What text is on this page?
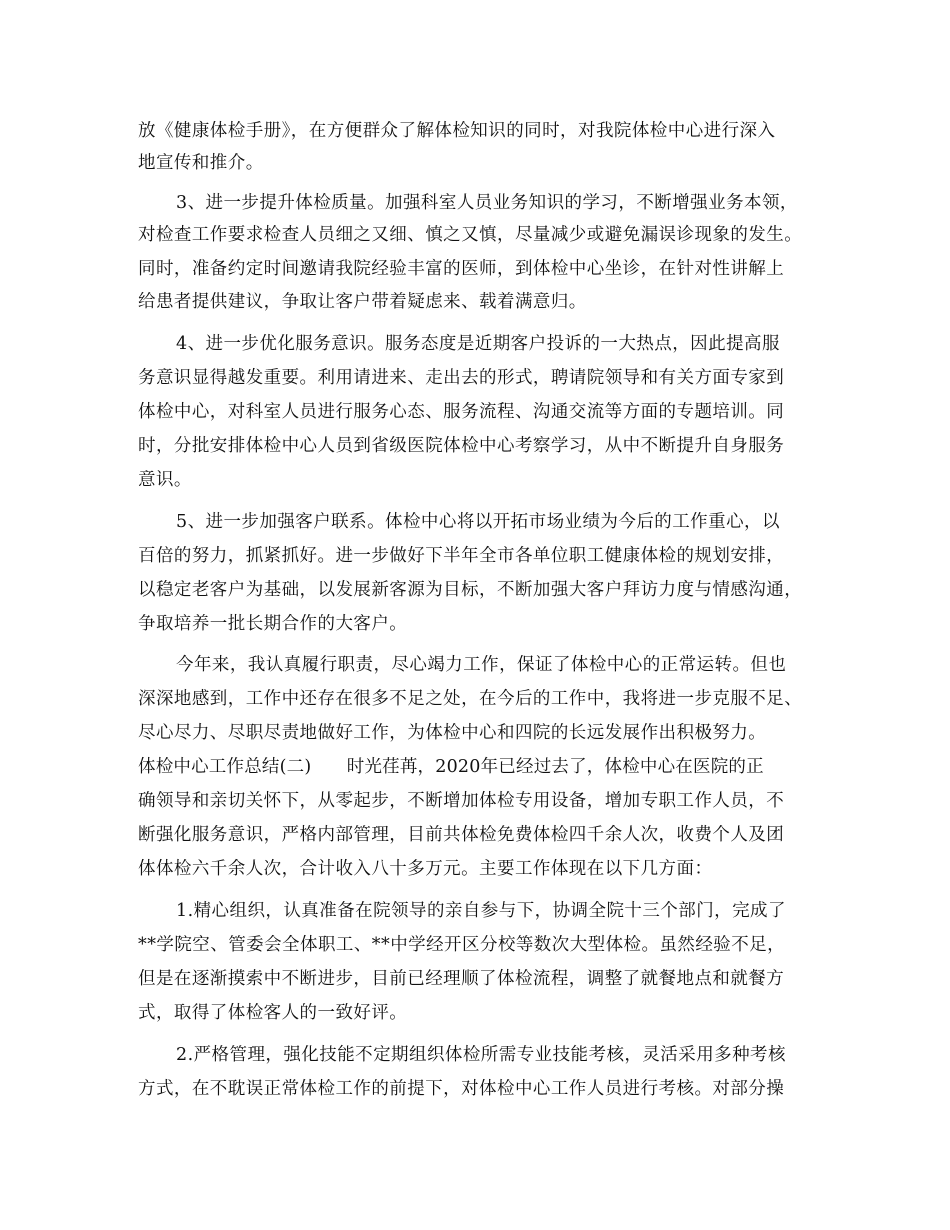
放《健康体检手册》，在方便群众了解体检知识的同时，对我院体检中心进行深入
地宣传和推介。
3、进一步提升体检质量。加强科室人员业务知识的学习，不断增强业务本领，
对检查工作要求检查人员细之又细、慎之又慎，尽量减少或避免漏误诊现象的发生。
同时，准备约定时间邀请我院经验丰富的医师，到体检中心坐诊，在针对性讲解上
给患者提供建议，争取让客户带着疑虑来、载着满意归。
4、进一步优化服务意识。服务态度是近期客户投诉的一大热点，因此提高服
务意识显得越发重要。利用请进来、走出去的形式，聘请院领导和有关方面专家到
体检中心，对科室人员进行服务心态、服务流程、沟通交流等方面的专题培训。同
时，分批安排体检中心人员到省级医院体检中心考察学习，从中不断提升自身服务
意识。
5、进一步加强客户联系。体检中心将以开拓市场业绩为今后的工作重心，以
百倍的努力，抓紧抓好。进一步做好下半年全市各单位职工健康体检的规划安排，
以稳定老客户为基础，以发展新客源为目标，不断加强大客户拜访力度与情感沟通，
争取培养一批长期合作的大客户。
今年来，我认真履行职责，尽心竭力工作，保证了体检中心的正常运转。但也
深深地感到，工作中还存在很多不足之处，在今后的工作中，我将进一步克服不足、
尽心尽力、尽职尽责地做好工作，为体检中心和四院的长远发展作出积极努力。
体检中心工作总结(二)　　时光荏苒，2020年已经过去了，体检中心在医院的正
确领导和亲切关怀下，从零起步，不断增加体检专用设备，增加专职工作人员，不
断强化服务意识，严格内部管理，目前共体检免费体检四千余人次，收费个人及团
体体检六千余人次，合计收入八十多万元。主要工作体现在以下几方面：
1.精心组织，认真准备在院领导的亲自参与下，协调全院十三个部门，完成了
**学院空、管委会全体职工、**中学经开区分校等数次大型体检。虽然经验不足，
但是在逐渐摸索中不断进步，目前已经理顺了体检流程，调整了就餐地点和就餐方
式，取得了体检客人的一致好评。
2.严格管理，强化技能不定期组织体检所需专业技能考核，灵活采用多种考核
方式，在不耽误正常体检工作的前提下，对体检中心工作人员进行考核。对部分操
